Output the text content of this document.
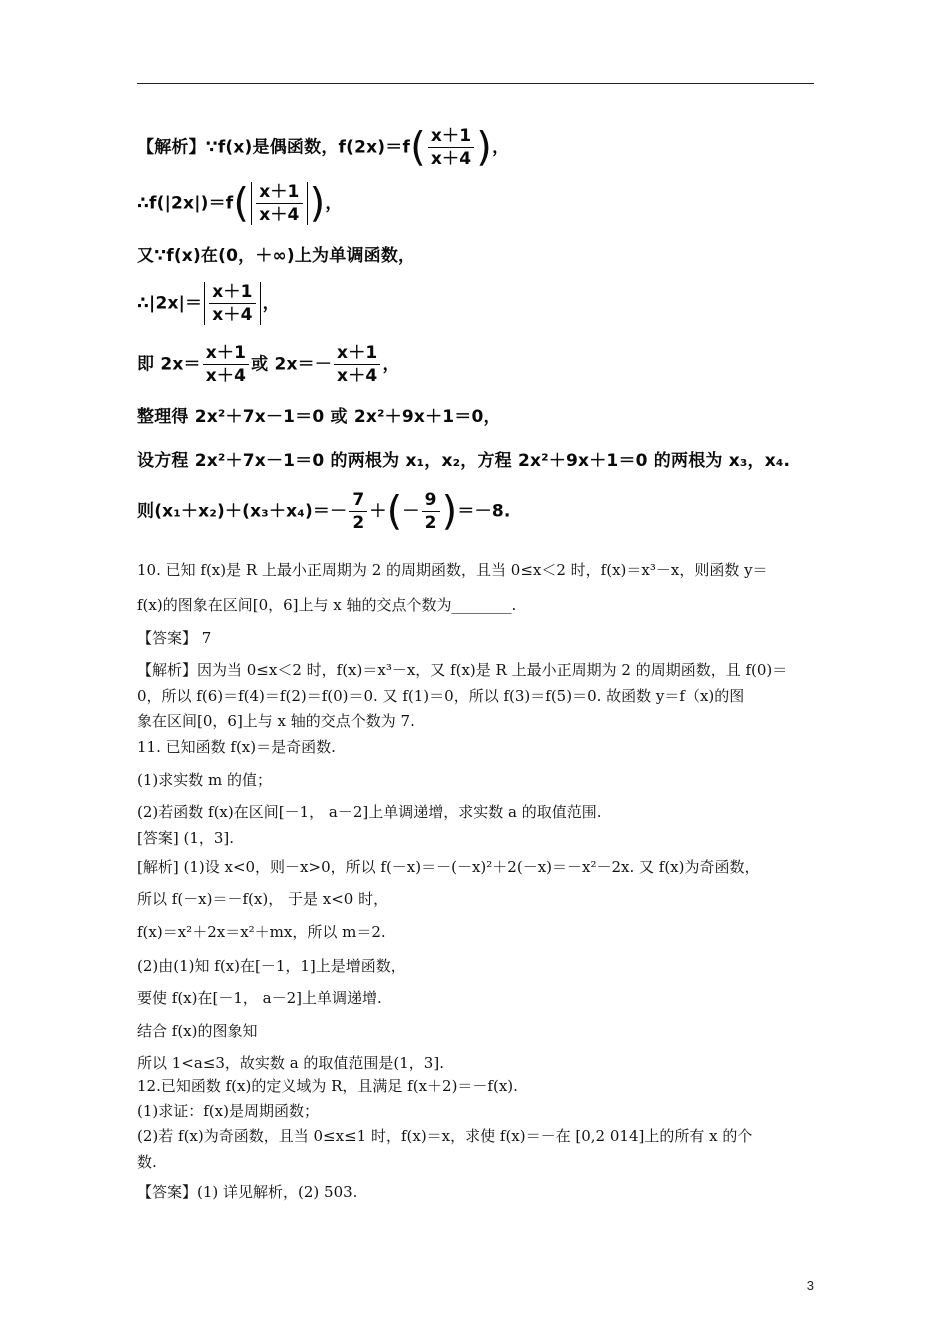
【解析】∵f(x)是偶函数，$f(2x)=f( \frac{x+1}{x+4}$ )，
∴f(|2x|)＝f( $\frac{x+1}{x+4}$ )，
又∵f(x)在(0，＋∞)上为单调函数，
∴|2x|＝ $\frac{x+1}{x+4}$ ，
即 $2x= \frac{x+1}{x+4}$ 或 $2x=- \frac{x+1}{x+4}$ ，
整理得 2x²＋7x－1＝0 或 2x²＋9x＋1＝0，
设方程 2x²＋7x－1＝0 的两根为 x₁，x₂，方程 2x²＋9x＋1＝0 的两根为 x₃，x₄.
则$(x_1+x_2)+(x_3+x_4)=- \frac{7}{2}$ ＋(－ $\frac{9}{2} )=-8$.
10. 已知 f(x)是 R 上最小正周期为 2 的周期函数，且当 0≤x＜2 时，f(x)＝x³－x，则函数 y＝
f(x)的图象在区间[0，6]上与 x 轴的交点个数为________.
【答案】 7
【解析】因为当 0≤x＜2 时，f(x)＝x³－x，又 f(x)是 R 上最小正周期为 2 的周期函数，且 f(0)＝
0，所以 f(6)＝f(4)＝f(2)＝f(0)＝0. 又 f(1)＝0，所以 f(3)＝f(5)＝0. 故函数 y＝f（x)的图
象在区间[0，6]上与 x 轴的交点个数为 7.
11. 已知函数 f(x)＝是奇函数.
(1)求实数 m 的值；
(2)若函数 f(x)在区间[－1， a－2]上单调递增，求实数 a 的取值范围.
[答案] (1，3].
[解析] (1)设 x<0，则－x>0，所以 f(－x)＝－(－x)²＋2(－x)＝－x²－2x. 又 f(x)为奇函数，
所以 f(－x)＝－f(x)， 于是 x<0 时，
f(x)＝x²＋2x＝x²＋mx，所以 m＝2.
(2)由(1)知 f(x)在[－1，1]上是增函数，
要使 f(x)在[－1， a－2]上单调递增.
结合 f(x)的图象知
所以 1<a≤3，故实数 a 的取值范围是(1，3].
12.已知函数 f(x)的定义域为 R，且满足 f(x＋2)＝－f(x).
(1)求证：f(x)是周期函数；
(2)若 f(x)为奇函数，且当 0≤x≤1 时，f(x)＝x，求使 f(x)＝－在 [0,2 014]上的所有 x 的个
数.
【答案】(1) 详见解析，(2) 503.
3
